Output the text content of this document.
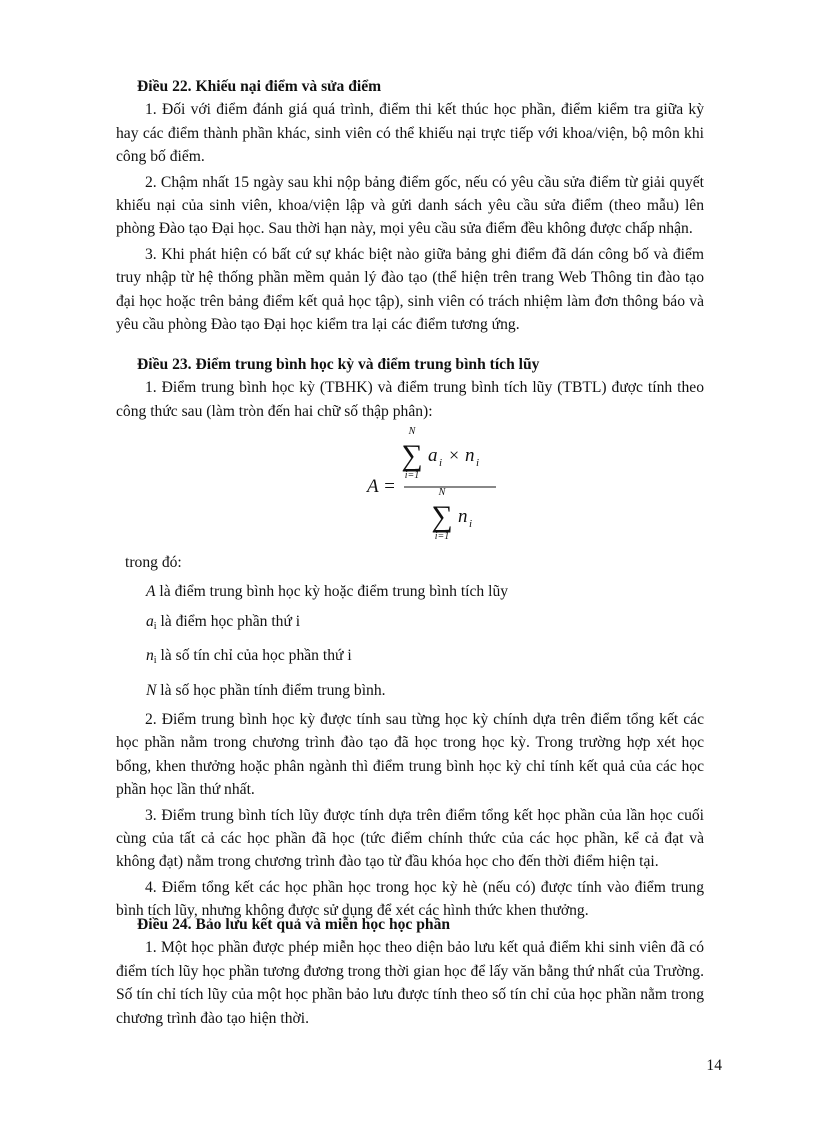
Điều 22. Khiếu nại điểm và sửa điểm

1. Đối với điểm đánh giá quá trình, điểm thi kết thúc học phần, điểm kiểm tra giữa kỳ hay các điểm thành phần khác, sinh viên có thể khiếu nại trực tiếp với khoa/viện, bộ môn khi công bố điểm.

2. Chậm nhất 15 ngày sau khi nộp bảng điểm gốc, nếu có yêu cầu sửa điểm từ giải quyết khiếu nại của sinh viên, khoa/viện lập và gửi danh sách yêu cầu sửa điểm (theo mẫu) lên phòng Đào tạo Đại học. Sau thời hạn này, mọi yêu cầu sửa điểm đều không được chấp nhận.

3. Khi phát hiện có bất cứ sự khác biệt nào giữa bảng ghi điểm đã dán công bố và điểm truy nhập từ hệ thống phần mềm quản lý đào tạo (thể hiện trên trang Web Thông tin đào tạo đại học hoặc trên bảng điểm kết quả học tập), sinh viên có trách nhiệm làm đơn thông báo và yêu cầu phòng Đào tạo Đại học kiểm tra lại các điểm tương ứng.

Điều 23. Điểm trung bình học kỳ và điểm trung bình tích lũy

1. Điểm trung bình học kỳ (TBHK) và điểm trung bình tích lũy (TBTL) được tính theo công thức sau (làm tròn đến hai chữ số thập phân):

A =
N
∑
i=1
a i × n i
N
∑
i=1
n i
trong đó:
A là điểm trung bình học kỳ hoặc điểm trung bình tích lũy
ai là điểm học phần thứ i
ni là số tín chỉ của học phần thứ i
N là số học phần tính điểm trung bình.

2. Điểm trung bình học kỳ được tính sau từng học kỳ chính dựa trên điểm tổng kết các học phần nằm trong chương trình đào tạo đã học trong học kỳ. Trong trường hợp xét học bổng, khen thưởng hoặc phân ngành thì điểm trung bình học kỳ chỉ tính kết quả của các học phần học lần thứ nhất.

3. Điểm trung bình tích lũy được tính dựa trên điểm tổng kết học phần của lần học cuối cùng của tất cả các học phần đã học (tức điểm chính thức của các học phần, kể cả đạt và không đạt) nằm trong chương trình đào tạo từ đầu khóa học cho đến thời điểm hiện tại.

4. Điểm tổng kết các học phần học trong học kỳ hè (nếu có) được tính vào điểm trung bình tích lũy, nhưng không được sử dụng để xét các hình thức khen thưởng.

Điều 24. Bảo lưu kết quả và miễn học học phần

1. Một học phần được phép miễn học theo diện bảo lưu kết quả điểm khi sinh viên đã có điểm tích lũy học phần tương đương trong thời gian học để lấy văn bằng thứ nhất của Trường. Số tín chỉ tích lũy của một học phần bảo lưu được tính theo số tín chỉ của học phần nằm trong chương trình đào tạo hiện thời.

14
